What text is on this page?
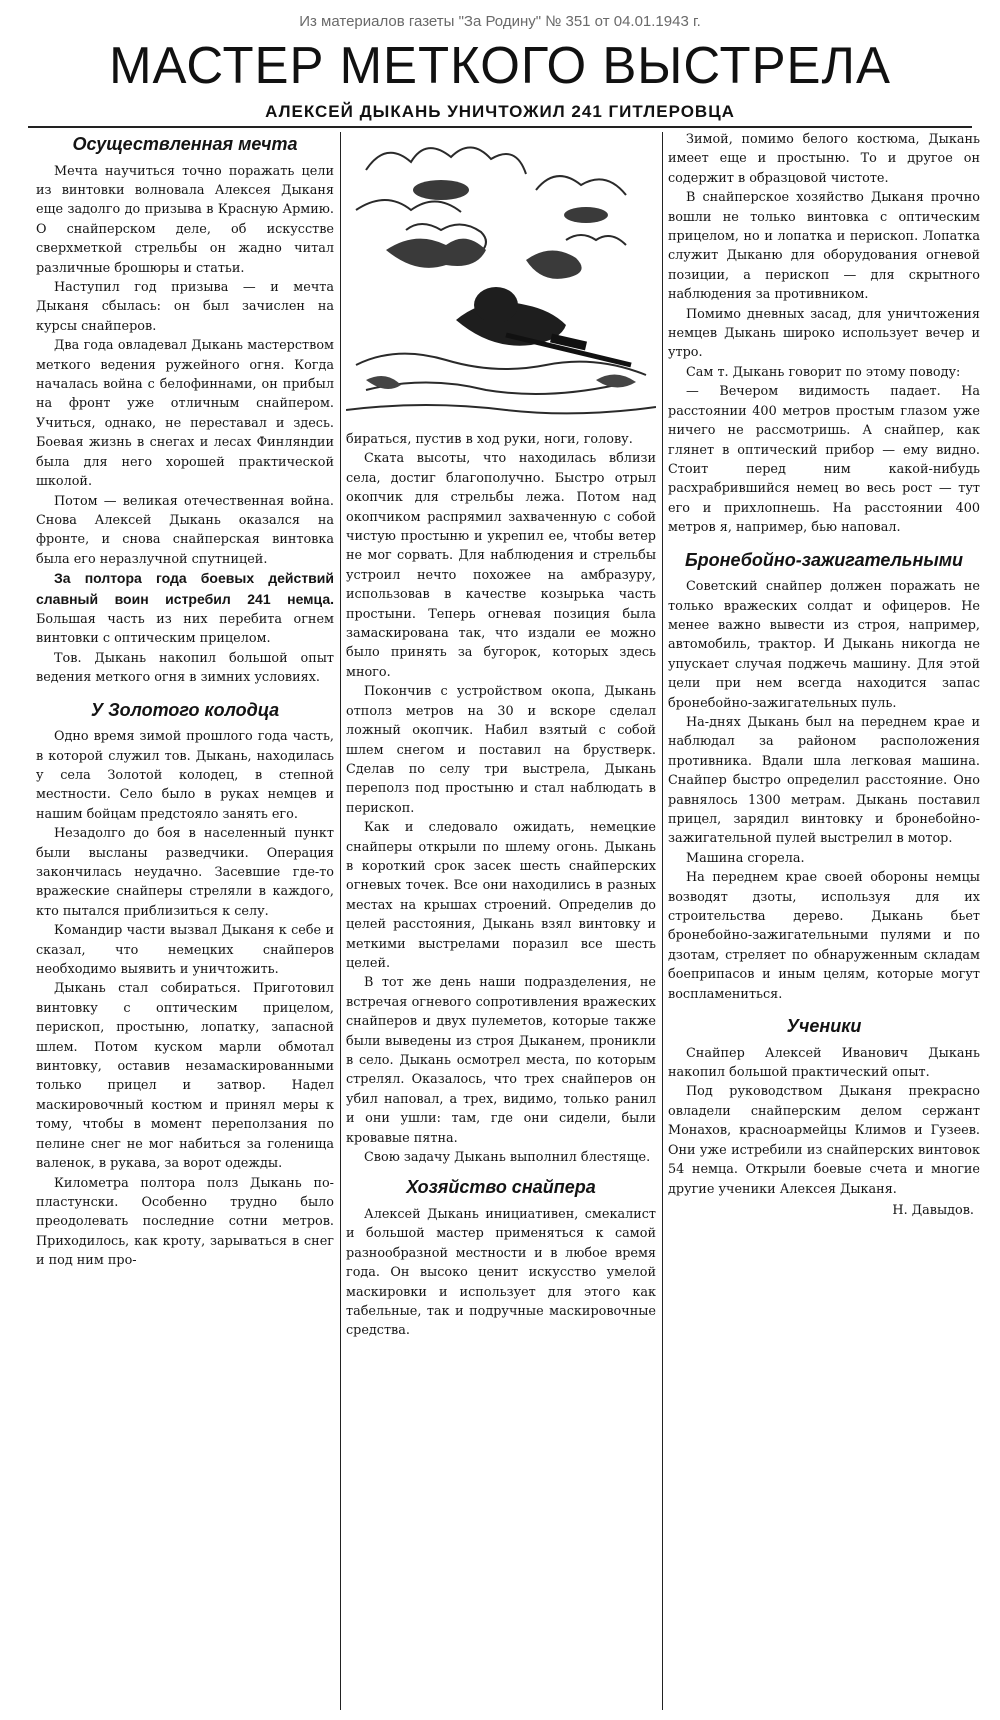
Из материалов газеты "За Родину" № 351 от 04.01.1943 г.
МАСТЕР МЕТКОГО ВЫСТРЕЛА
АЛЕКСЕЙ ДЫКАНЬ УНИЧТОЖИЛ 241 ГИТЛЕРОВЦА
Осуществленная мечта

Мечта научиться точно поражать цели из винтовки волновала Алексея Дыканя еще задолго до призыва в Красную Армию. О снайперском деле, об искусстве сверхметкой стрельбы он жадно читал различные брошюры и статьи.

Наступил год призыва — и мечта Дыканя сбылась: он был зачислен на курсы снайперов.

Два года овладевал Дыкань мастерством меткого ведения ружейного огня. Когда началась война с белофиннами, он прибыл на фронт уже отличным снайпером. Учиться, однако, не переставал и здесь. Боевая жизнь в снегах и лесах Финляндии была для него хорошей практической школой.

Потом — великая отечественная война. Снова Алексей Дыкань оказался на фронте, и снова снайперская винтовка была его неразлучной спутницей.

За полтора года боевых действий славный воин истребил 241 немца. Большая часть из них перебита огнем винтовки с оптическим прицелом.

Тов. Дыкань накопил большой опыт ведения меткого огня в зимних условиях.

У Золотого колодца

Одно время зимой прошлого года часть, в которой служил тов. Дыкань, находилась у села Золотой колодец, в степной местности. Село было в руках немцев и нашим бойцам предстояло занять его.

Незадолго до боя в населенный пункт были высланы разведчики. Операция закончилась неудачно. Засевшие где-то вражеские снайперы стреляли в каждого, кто пытался приблизиться к селу.

Командир части вызвал Дыканя к себе и сказал, что немецких снайперов необходимо выявить и уничтожить.

Дыкань стал собираться. Приготовил винтовку с оптическим прицелом, перископ, простыню, лопатку, запасной шлем. Потом куском марли обмотал винтовку, оставив незамаскированными только прицел и затвор. Надел маскировочный костюм и принял меры к тому, чтобы в момент переползания по пелине снег не мог набиться за голенища валенок, в рукава, за ворот одежды.

Километра полтора полз Дыкань по-пластунски. Особенно трудно было преодолевать последние сотни метров. Приходилось, как кроту, зарываться в снег и под ним про-

бираться, пустив в ход руки, ноги, голову.

Ската высоты, что находилась вблизи села, достиг благополучно. Быстро отрыл окопчик для стрельбы лежа. Потом над окопчиком распрямил захваченную с собой чистую простыню и укрепил ее, чтобы ветер не мог сорвать. Для наблюдения и стрельбы устроил нечто похожее на амбразуру, использовав в качестве козырька часть простыни. Теперь огневая позиция была замаскирована так, что издали ее можно было принять за бугорок, которых здесь много.

Покончив с устройством окопа, Дыкань отполз метров на 30 и вскоре сделал ложный окопчик. Набил взятый с собой шлем снегом и поставил на брустверк. Сделав по селу три выстрела, Дыкань переполз под простыню и стал наблюдать в перископ.

Как и следовало ожидать, немецкие снайперы открыли по шлему огонь. Дыкань в короткий срок засек шесть снайперских огневых точек. Все они находились в разных местах на крышах строений. Определив до целей расстояния, Дыкань взял винтовку и меткими выстрелами поразил все шесть целей.

В тот же день наши подразделения, не встречая огневого сопротивления вражеских снайперов и двух пулеметов, которые также были выведены из строя Дыканем, проникли в село. Дыкань осмотрел места, по которым стрелял. Оказалось, что трех снайперов он убил наповал, а трех, видимо, только ранил и они ушли: там, где они сидели, были кровавые пятна.

Свою задачу Дыкань выполнил блестяще.

Хозяйство снайпера

Алексей Дыкань инициативен, смекалист и большой мастер применяться к самой разнообразной местности и в любое время года. Он высоко ценит искусство умелой маскировки и использует для этого как табельные, так и подручные маскировочные средства.

Зимой, помимо белого костюма, Дыкань имеет еще и простыню. То и другое он содержит в образцовой чистоте.

В снайперское хозяйство Дыканя прочно вошли не только винтовка с оптическим прицелом, но и лопатка и перископ. Лопатка служит Дыканю для оборудования огневой позиции, а перископ — для скрытного наблюдения за противником.

Помимо дневных засад, для уничтожения немцев Дыкань широко использует вечер и утро.

Сам т. Дыкань говорит по этому поводу:

— Вечером видимость падает. На расстоянии 400 метров простым глазом уже ничего не рассмотришь. А снайпер, как глянет в оптический прибор — ему видно. Стоит перед ним какой-нибудь расхрабрившийся немец во весь рост — тут его и прихлопнешь. На расстоянии 400 метров я, например, бью наповал.

Бронебойно-зажигательными

Советский снайпер должен поражать не только вражеских солдат и офицеров. Не менее важно вывести из строя, например, автомобиль, трактор. И Дыкань никогда не упускает случая поджечь машину. Для этой цели при нем всегда находится запас бронебойно-зажигательных пуль.

На-днях Дыкань был на переднем крае и наблюдал за районом расположения противника. Вдали шла легковая машина. Снайпер быстро определил расстояние. Оно равнялось 1300 метрам. Дыкань поставил прицел, зарядил винтовку и бронебойно-зажигательной пулей выстрелил в мотор.

Машина сгорела.

На переднем крае своей обороны немцы возводят дзоты, используя для их строительства дерево. Дыкань бьет бронебойно-зажигательными пулями и по дзотам, стреляет по обнаруженным складам боеприпасов и иным целям, которые могут воспламениться.

Ученики

Снайпер Алексей Иванович Дыкань накопил большой практический опыт.

Под руководством Дыканя прекрасно овладели снайперским делом сержант Монахов, красноармейцы Климов и Гузеев. Они уже истребили из снайперских винтовок 54 немца. Открыли боевые счета и многие другие ученики Алексея Дыканя.

Н. Давыдов.
